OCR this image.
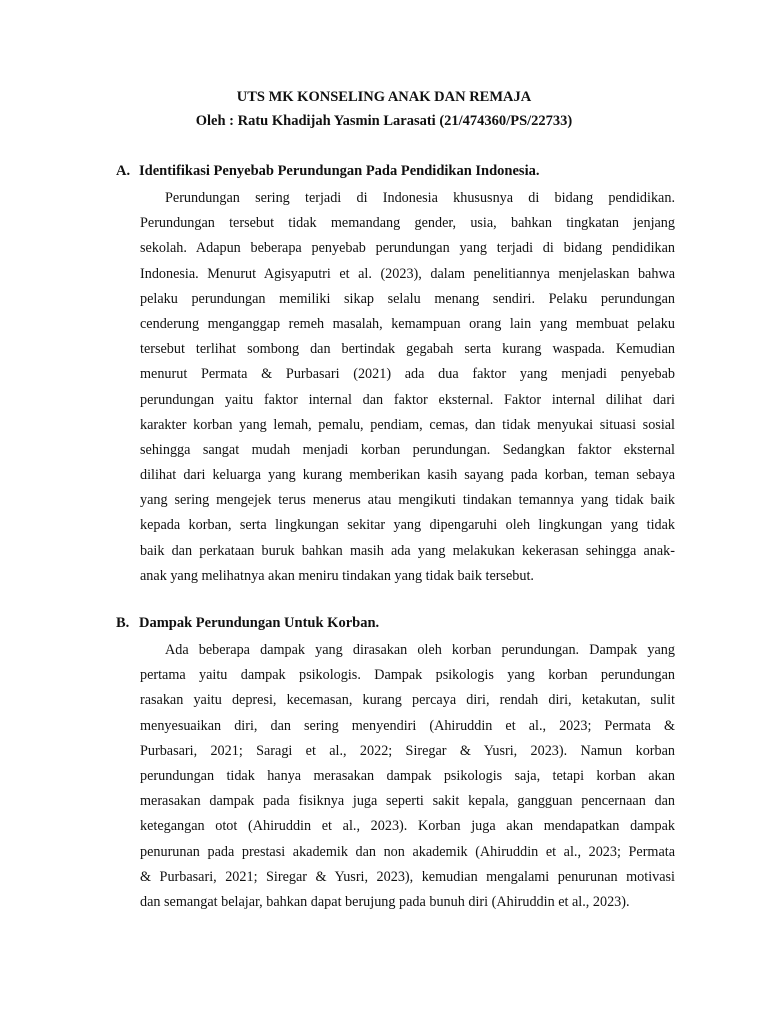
UTS MK KONSELING ANAK DAN REMAJA
Oleh : Ratu Khadijah Yasmin Larasati (21/474360/PS/22733)
A. Identifikasi Penyebab Perundungan Pada Pendidikan Indonesia.
Perundungan sering terjadi di Indonesia khususnya di bidang pendidikan.
Perundungan tersebut tidak memandang gender, usia, bahkan tingkatan jenjang
sekolah. Adapun beberapa penyebab perundungan yang terjadi di bidang pendidikan
Indonesia. Menurut Agisyaputri et al. (2023), dalam penelitiannya menjelaskan bahwa
pelaku perundungan memiliki sikap selalu menang sendiri. Pelaku perundungan
cenderung menganggap remeh masalah, kemampuan orang lain yang membuat pelaku
tersebut terlihat sombong dan bertindak gegabah serta kurang waspada. Kemudian
menurut Permata & Purbasari (2021) ada dua faktor yang menjadi penyebab
perundungan yaitu faktor internal dan faktor eksternal. Faktor internal dilihat dari
karakter korban yang lemah, pemalu, pendiam, cemas, dan tidak menyukai situasi sosial
sehingga sangat mudah menjadi korban perundungan. Sedangkan faktor eksternal
dilihat dari keluarga yang kurang memberikan kasih sayang pada korban, teman sebaya
yang sering mengejek terus menerus atau mengikuti tindakan temannya yang tidak baik
kepada korban, serta lingkungan sekitar yang dipengaruhi oleh lingkungan yang tidak
baik dan perkataan buruk bahkan masih ada yang melakukan kekerasan sehingga anak-
anak yang melihatnya akan meniru tindakan yang tidak baik tersebut.
B. Dampak Perundungan Untuk Korban.
Ada beberapa dampak yang dirasakan oleh korban perundungan. Dampak yang
pertama yaitu dampak psikologis. Dampak psikologis yang korban perundungan
rasakan yaitu depresi, kecemasan, kurang percaya diri, rendah diri, ketakutan, sulit
menyesuaikan diri, dan sering menyendiri (Ahiruddin et al., 2023; Permata &
Purbasari, 2021; Saragi et al., 2022; Siregar & Yusri, 2023). Namun korban
perundungan tidak hanya merasakan dampak psikologis saja, tetapi korban akan
merasakan dampak pada fisiknya juga seperti sakit kepala, gangguan pencernaan dan
ketegangan otot (Ahiruddin et al., 2023). Korban juga akan mendapatkan dampak
penurunan pada prestasi akademik dan non akademik (Ahiruddin et al., 2023; Permata
& Purbasari, 2021; Siregar & Yusri, 2023), kemudian mengalami penurunan motivasi
dan semangat belajar, bahkan dapat berujung pada bunuh diri (Ahiruddin et al., 2023).
